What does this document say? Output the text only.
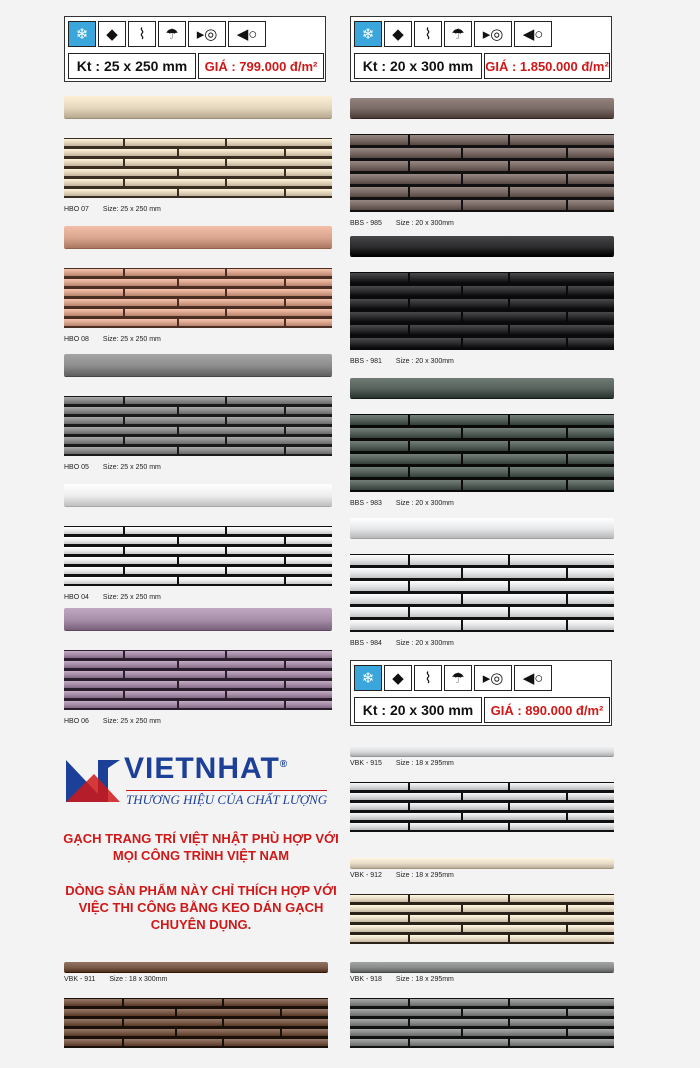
❄	◆	⌇	☂	▸◎	◀○
Kt : 25 x 250 mm	GIÁ : 799.000 đ/m²
❄	◆	⌇	☂	▸◎	◀○
Kt : 20 x 300 mm GIÁ : 1.850.000 đ/m²
❄	◆	⌇	☂	▸◎	◀○
Kt : 20 x 300 mm	GIÁ : 890.000 đ/m²
HBO 07 Size: 25 x 250 mm
HBO 08 Size: 25 x 250 mm
HBO 05 Size: 25 x 250 mm
HBO 04 Size: 25 x 250 mm
HBO 06 Size: 25 x 250 mm
BBS - 985 Size : 20 x 300mm
BBS - 981 Size : 20 x 300mm
BBS - 983 Size : 20 x 300mm
BBS - 984 Size : 20 x 300mm
VBK - 915 Size : 18 x 295mm
VBK - 912 Size : 18 x 295mm
VBK - 911 Size : 18 x 300mm	VBK - 918 Size : 18 x 295mm
VIETNHAT®
THƯƠNG HIỆU CỦA CHẤT LƯỢNG
GẠCH TRANG TRÍ VIỆT NHẬT PHÙ HỢP VỚI
MỌI CÔNG TRÌNH VIỆT NAM
DÒNG SẢN PHẨM NÀY CHỈ THÍCH HỢP VỚI
VIỆC THI CÔNG BẰNG KEO DÁN GẠCH
CHUYÊN DỤNG.
